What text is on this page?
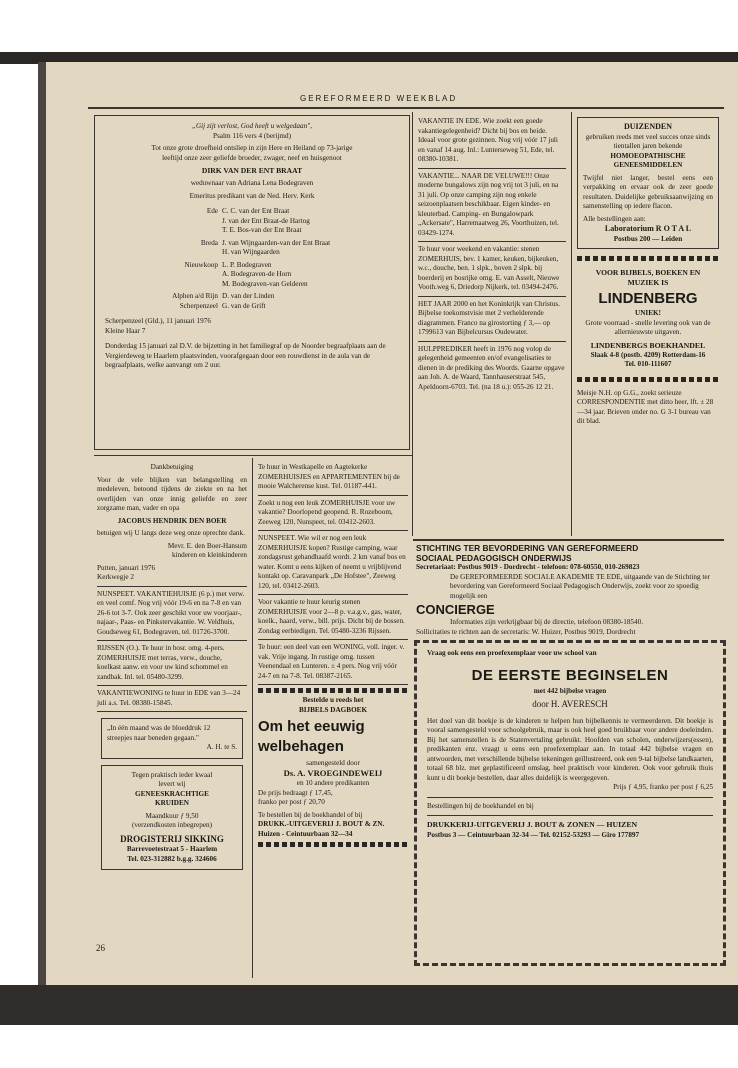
GEREFORMEERD WEEKBLAD

„Gij zijt verlost, God heeft u welgedaan",

Psalm 116 vers 4 (berijmd)

Tot onze grote droefheid ontsliep in zijn Here en Heiland op 73-jarige

leeftijd onze zeer geliefde broeder, zwager, neef en huisgenoot

DIRK VAN DER ENT BRAAT

weduwnaar van Adriana Lena Bodegraven

Emeritus predikant van de Ned. Herv. Kerk

Ede C. C. van der Ent Braat

J. van der Ent Braat-de Hartog

T. E. Bos-van der Ent Braat

Breda J. van Wijngaarden-van der Ent Braat

H. van Wijngaarden

Nieuwkoop L. P. Bodegraven

A. Bodegraven-de Horn

M. Bodegraven-van Gelderen

Alphen a/d Rijn D. van der Linden

Scherpenzeel G. van de Grift

Scherpenzeel (Gld.), 11 januari 1976

Kleine Haar 7

Donderdag 15 januari zal D.V. de bijzetting in het familiegraf op de Noorder begraafplaats aan de Vergierdeweg te Haarlem plaatsvinden, voorafgegaan door een rouwdienst in de aula van de begraafplaats, welke aanvangt om 2 uur.

Dankbetuiging

Voor de vele blijken van belangstelling en medeleven, betoond tijdens de ziekte en na het overlijden van onze innig geliefde en zeer zorgzame man, vader en opa

JACOBUS HENDRIK DEN BOER

betuigen wij U langs deze weg onze oprechte dank.

Mevr. E. den Boer-Hansum

kinderen en kleinkinderen

Putten, januari 1976

Kerkwegje 2

NUNSPEET. VAKANTIEHUISJE (6 p.) met verw. en veel comf. Nog vrij vóór 19-6 en na 7-8 en van 26-6 tot 3-7. Ook zeer geschikt voor uw voorjaar-, najaar-, Paas- en Pinkstervakantie. W. Veldhuis, Goudseweg 61, Bodegraven, tel. 01726-3700.

RIJSSEN (O.). Te huur in bosr. omg. 4-pers. ZOMERHUISJE met terras, verw., douche, koelkast aanw. en voor uw kind schommel en zandbak. Inl. tel. 05480-3299.

VAKANTIEWONING te huur in EDE van 3—24 juli a.s. Tel. 08380-15845.

„In één maand was de bloeddruk 12 streepjes naar beneden gegaan."

A. H. te S.

Tegen praktisch ieder kwaal

levert wij

GENEESKRACHTIGE

KRUIDEN

Maandkuur ƒ 9,50

(verzendkosten inbegrepen)

DROGISTERIJ SIKKING

Barrevoetestraat 5 - Haarlem

Tel. 023-312882 b.g.g. 324606

Te huur in Westkapelle en Aagtekerke ZOMERHUISJES en APPARTEMENTEN bij de mooie Walcherense kust. Tel. 01187-441.

Zoekt u nog een leuk ZOMERHUISJE voor uw vakantie? Doorlopend geopend. R. Rozeboom, Zeeweg 120, Nunspeet, tel. 03412-2603.

NUNSPEET. Wie wil er nog een leuk ZOMERHUISJE kopen? Rustige camping, waar zondagsrust gehandhaafd wordt. 2 km vanaf bos en water. Komt u eens kijken of neemt u vrijblijvend kontakt op. Caravanpark „De Hofstee", Zeeweg 120, tel. 03412-2603.

Voor vakantie te huur keurig stenen ZOMERHUISJE voor 2—8 p. v.a.g.v., gas, water, koelk., haard, verw., bill. prijs. Dicht bij de bossen. Zondag eerbiedigen. Tel. 05480-3236 Rijssen.

Te huur: een deel van een WONING, voll. inger. v. vak. Vrije ingang. In rustige omg. tussen Veenendaal en Lunteren. ± 4 pers. Nog vrij vóór 24-7 en na 7-8. Tel. 08387-2165.

Bestelde u reeds het

BIJBELS DAGBOEK

Om het eeuwig

welbehagen

samengesteld door

Ds. A. VROEGINDEWEIJ

en 10 andere predikanten

De prijs bedraagt ƒ 17,45,

franko per post ƒ 20,70

Te bestellen bij de boekhandel of bij

DRUKK.-UITGEVERIJ J. BOUT & ZN.

Huizen - Ceintuurbaan 32—34

VAKANTIE IN EDE. Wie zoekt een goede vakantiegelegenheid? Dicht bij bos en heide. Ideaal voor grote gezinnen. Nog vrij vóór 17 juli en vanaf 14 aug. Inl.: Lunterseweg 51, Ede, tel. 08380-10381.

VAKANTIE... NAAR DE VELUWE!!! Onze moderne bungalows zijn nog vrij tot 3 juli, en na 31 juli. Op onze camping zijn nog enkele seizoenplaatsen beschikbaar. Eigen kinder- en kleuterbad. Camping- en Bungalowpark „Ackersate", Harremaatweg 26, Voorthuizen, tel. 03429-1274.

Te huur voor weekend en vakantie: stenen ZOMERHUIS, bev. 1 kamer, keuken, bijkeuken, w.c., douche, ben. 1 slpk., boven 2 slpk. bij boerderij en bosrijke omg. E. van Asselt, Nieuwe Vooth.weg 6, Driedorp Nijkerk, tel. 03494-2476.

HET JAAR 2000 en het Koninkrijk van Christus. Bijbelse toekomstvisie met 2 verhelderende diagrammen. Franco na girostorting ƒ 3,— op 1799613 van Bijbelcursus Oudewater.

HULPPREDIKER heeft in 1976 nog volop de gelegenheid gemeenten en/of evangelisaties te dienen in de prediking des Woords. Gaarne opgave aan Joh. A. de Waard, Tannhauserstraat 545, Apeldoorn-6703. Tel. (na 18 u.): 055-26 12 21.

DUIZENDEN

gebruiken reeds met veel succes onze sinds tientallen jaren bekende

HOMOEOPATHISCHE

GENEESMIDDELEN

Twijfel niet langer, bestel eens een verpakking en ervaar ook de zeer goede resultaten. Duidelijke gebruiksaanwijzing en samenstelling op iedere flacon.

Alle bestellingen aan:

Laboratorium R O T A L

Postbus 200 — Leiden

VOOR BIJBELS, BOEKEN EN

MUZIEK IS

LINDENBERG

UNIEK!

Grote voorraad - snelle levering ook van de allernieuwste uitgaven.

LINDENBERGS BOEKHANDEL

Slaak 4-8 (postb. 4209) Rotterdam-16

Tel. 010-111607

Meisje N.H. op G.G., zoekt serieuze CORRESPONDENTIE met ditto heer, lft. ± 28—34 jaar. Brieven onder no. G 3-1 bureau van dit blad.

STICHTING TER BEVORDERING VAN GEREFORMEERD

SOCIAAL PEDAGOGISCH ONDERWIJS

Secretariaat: Postbus 9019 - Dordrecht - telefoon: 078-60550, 010-269823

De GEREFORMEERDE SOCIALE AKADEMIE TE EDE, uitgaande van de Stichting ter bevordering van Gereformeerd Sociaal Pedagogisch Onderwijs, zoekt voor zo spoedig mogelijk een

CONCIERGE

Informaties zijn verkrijgbaar bij de directie, telefoon 08380-18540.

Sollicitaties te richten aan de secretaris: W. Huizer, Postbus 9019, Dordrecht

Vraag ook eens een proefexemplaar voor uw school van

DE EERSTE BEGINSELEN

met 442 bijbelse vragen

door H. AVERESCH

Het doel van dit boekje is de kinderen te helpen hun bijbelkennis te vermeerderen. Dit boekje is vooral samengesteld voor schoolgebruik, maar is ook heel goed bruikbaar voor andere doeleinden. Bij het samenstellen is de Statenvertaling gebruikt. Hoofden van scholen, onderwijzers(essen), predikanten enz. vraagt u eens een proefexemplaar aan. In totaal 442 bijbelse vragen en antwoorden, met verschillende bijbelse tekeningen geïllustreerd, ook een 9-tal bijbelse landkaarten, totaal 68 blz. met geplastificeerd omslag, heel praktisch voor kinderen. Ook voor gebruik thuis kunt u dit boekje bestellen, daar alles duidelijk is weergegeven.

Prijs ƒ 4,95, franko per post ƒ 6,25

Bestellingen bij de boekhandel en bij

DRUKKERIJ-UITGEVERIJ J. BOUT & ZONEN — HUIZEN

Postbus 3 — Ceintuurbaan 32-34 — Tel. 02152-53293 — Giro 177897

26
